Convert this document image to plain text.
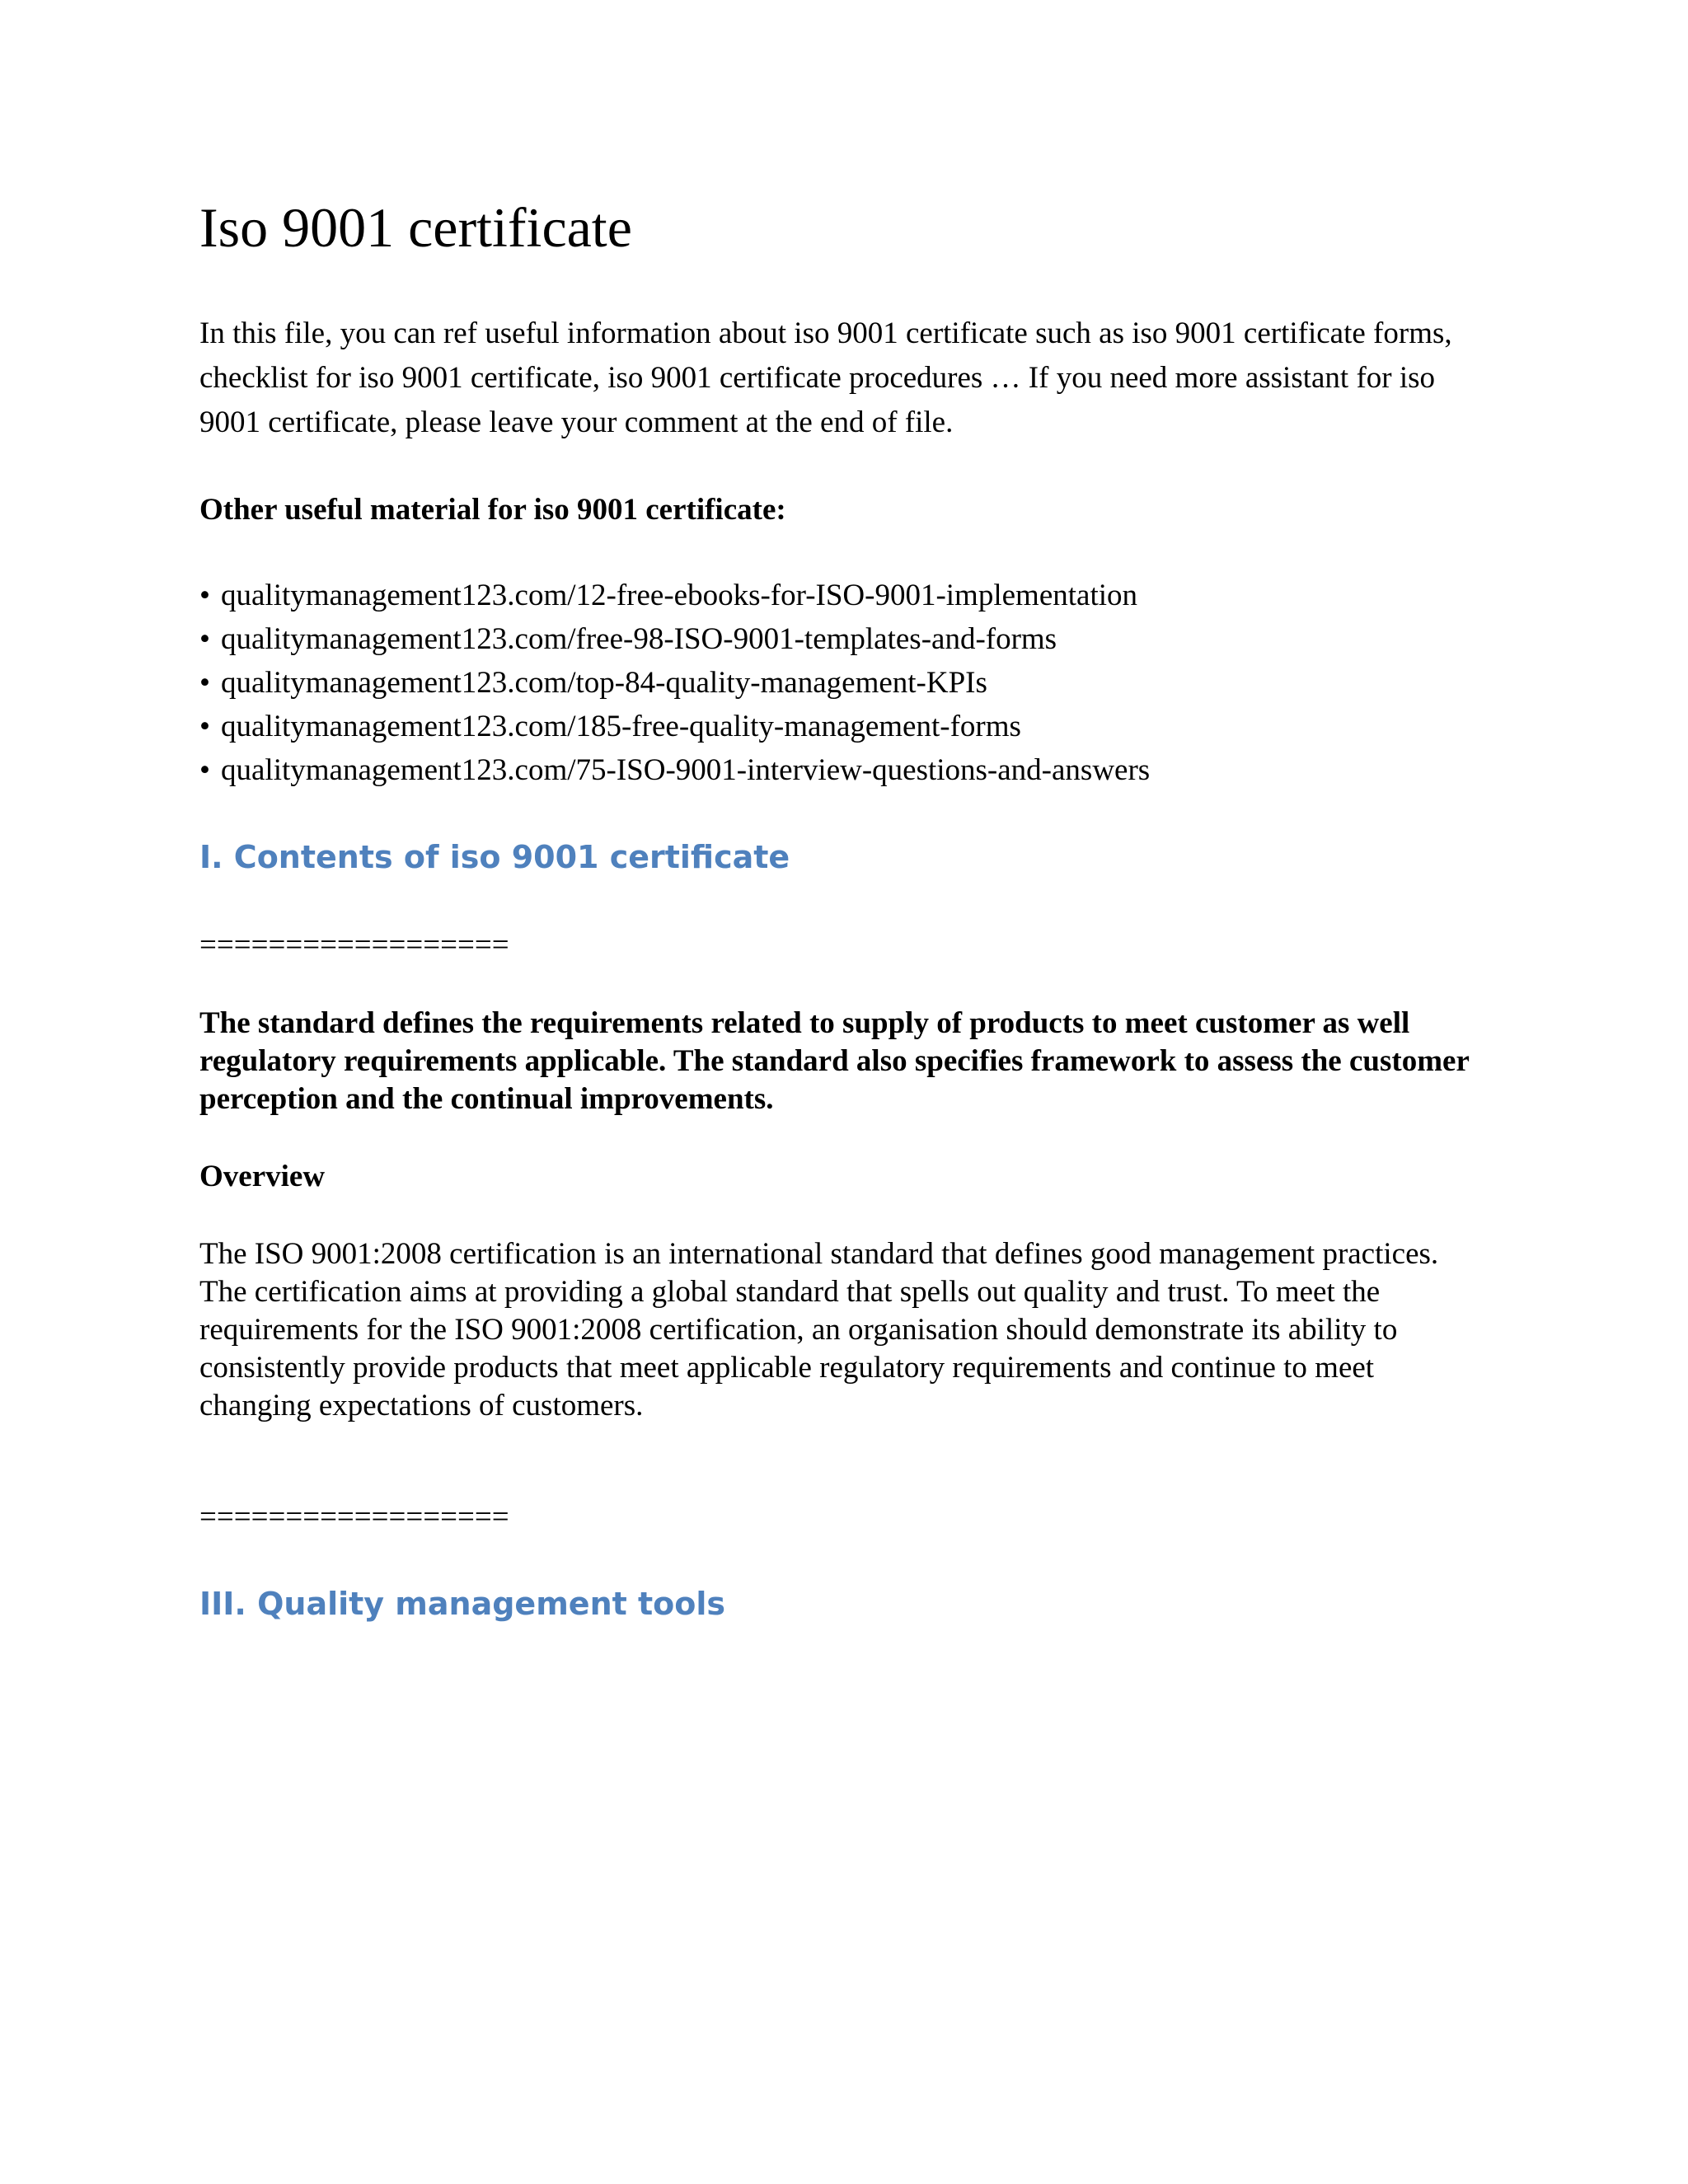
Iso 9001 certificate

In this file, you can ref useful information about iso 9001 certificate such as iso 9001 certificate forms, checklist for iso 9001 certificate, iso 9001 certificate procedures … If you need more assistant for iso 9001 certificate, please leave your comment at the end of file.

Other useful material for iso 9001 certificate:

• qualitymanagement123.com/12-free-ebooks-for-ISO-9001-implementation
• qualitymanagement123.com/free-98-ISO-9001-templates-and-forms
• qualitymanagement123.com/top-84-quality-management-KPIs
• qualitymanagement123.com/185-free-quality-management-forms
• qualitymanagement123.com/75-ISO-9001-interview-questions-and-answers
I. Contents of iso 9001 certificate

==================

The standard defines the requirements related to supply of products to meet customer as well regulatory requirements applicable. The standard also specifies framework to assess the customer perception and the continual improvements.

Overview

The ISO 9001:2008 certification is an international standard that defines good management practices. The certification aims at providing a global standard that spells out quality and trust. To meet the requirements for the ISO 9001:2008 certification, an organisation should demonstrate its ability to consistently provide products that meet applicable regulatory requirements and continue to meet changing expectations of customers.

==================

III. Quality management tools
